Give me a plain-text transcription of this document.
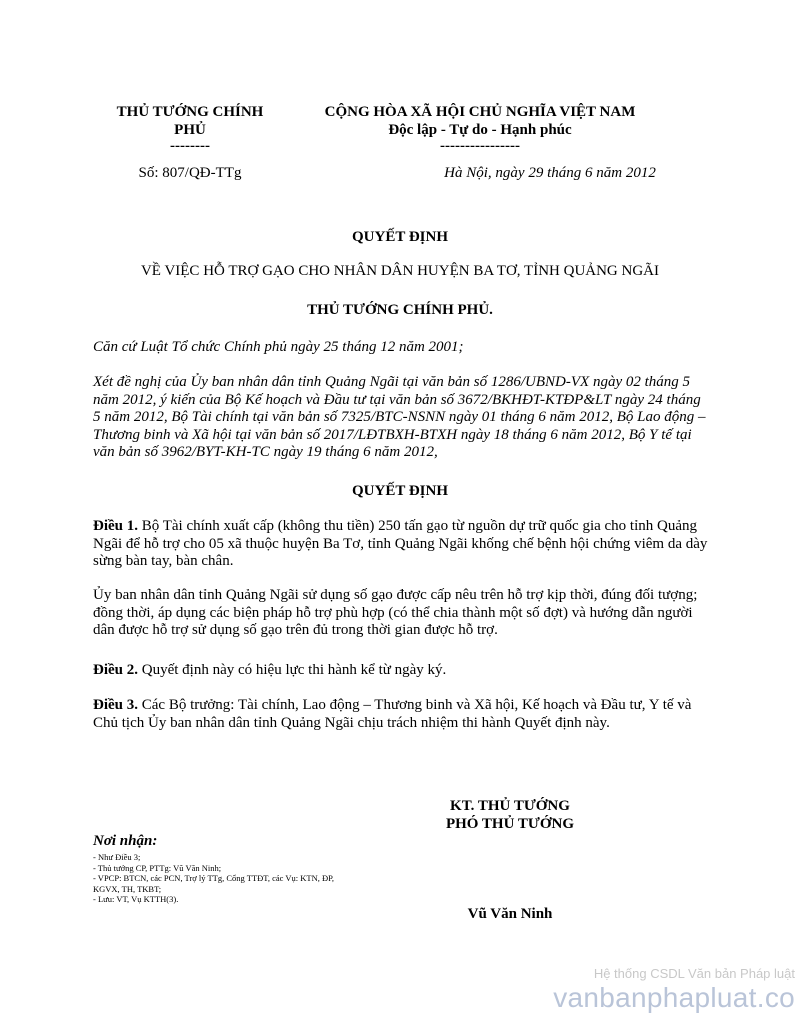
THỦ TƯỚNG CHÍNH PHỦ
--------
Số: 807/QĐ-TTg
CỘNG HÒA XÃ HỘI CHỦ NGHĨA VIỆT NAM
Độc lập - Tự do - Hạnh phúc
----------------
Hà Nội, ngày 29 tháng 6 năm 2012
QUYẾT ĐỊNH
VỀ VIỆC HỖ TRỢ GẠO CHO NHÂN DÂN HUYỆN BA TƠ, TỈNH QUẢNG NGÃI
THỦ TƯỚNG CHÍNH PHỦ.
Căn cứ Luật Tổ chức Chính phủ ngày 25 tháng 12 năm 2001;
Xét đề nghị của Ủy ban nhân dân tỉnh Quảng Ngãi tại văn bản số 1286/UBND-VX ngày 02 tháng 5 năm 2012, ý kiến của Bộ Kế hoạch và Đầu tư tại văn bản số 3672/BKHĐT-KTĐP&LT ngày 24 tháng 5 năm 2012, Bộ Tài chính tại văn bản số 7325/BTC-NSNN ngày 01 tháng 6 năm 2012, Bộ Lao động – Thương binh và Xã hội tại văn bản số 2017/LĐTBXH-BTXH ngày 18 tháng 6 năm 2012, Bộ Y tế tại văn bản số 3962/BYT-KH-TC ngày 19 tháng 6 năm 2012,
QUYẾT ĐỊNH
Điều 1. Bộ Tài chính xuất cấp (không thu tiền) 250 tấn gạo từ nguồn dự trữ quốc gia cho tỉnh Quảng Ngãi để hỗ trợ cho 05 xã thuộc huyện Ba Tơ, tỉnh Quảng Ngãi khống chế bệnh hội chứng viêm da dày sừng bàn tay, bàn chân.
Ủy ban nhân dân tỉnh Quảng Ngãi sử dụng số gạo được cấp nêu trên hỗ trợ kịp thời, đúng đối tượng; đồng thời, áp dụng các biện pháp hỗ trợ phù hợp (có thể chia thành một số đợt) và hướng dẫn người dân được hỗ trợ sử dụng số gạo trên đủ trong thời gian được hỗ trợ.
Điều 2. Quyết định này có hiệu lực thi hành kể từ ngày ký.
Điều 3. Các Bộ trưởng: Tài chính, Lao động – Thương binh và Xã hội, Kế hoạch và Đầu tư, Y tế và Chủ tịch Ủy ban nhân dân tỉnh Quảng Ngãi chịu trách nhiệm thi hành Quyết định này.
KT. THỦ TƯỚNG
PHÓ THỦ TƯỚNG
Vũ Văn Ninh
Nơi nhận:
- Như Điều 3;
- Thủ tướng CP, PTTg: Vũ Văn Ninh;
- VPCP: BTCN, các PCN, Trợ lý TTg, Cổng TTĐT, các Vụ: KTN, ĐP, KGVX, TH, TKBT;
- Lưu: VT, Vụ KTTH(3).
Hệ thống CSDL Văn bản Pháp luật
vanbanphapluat.co
